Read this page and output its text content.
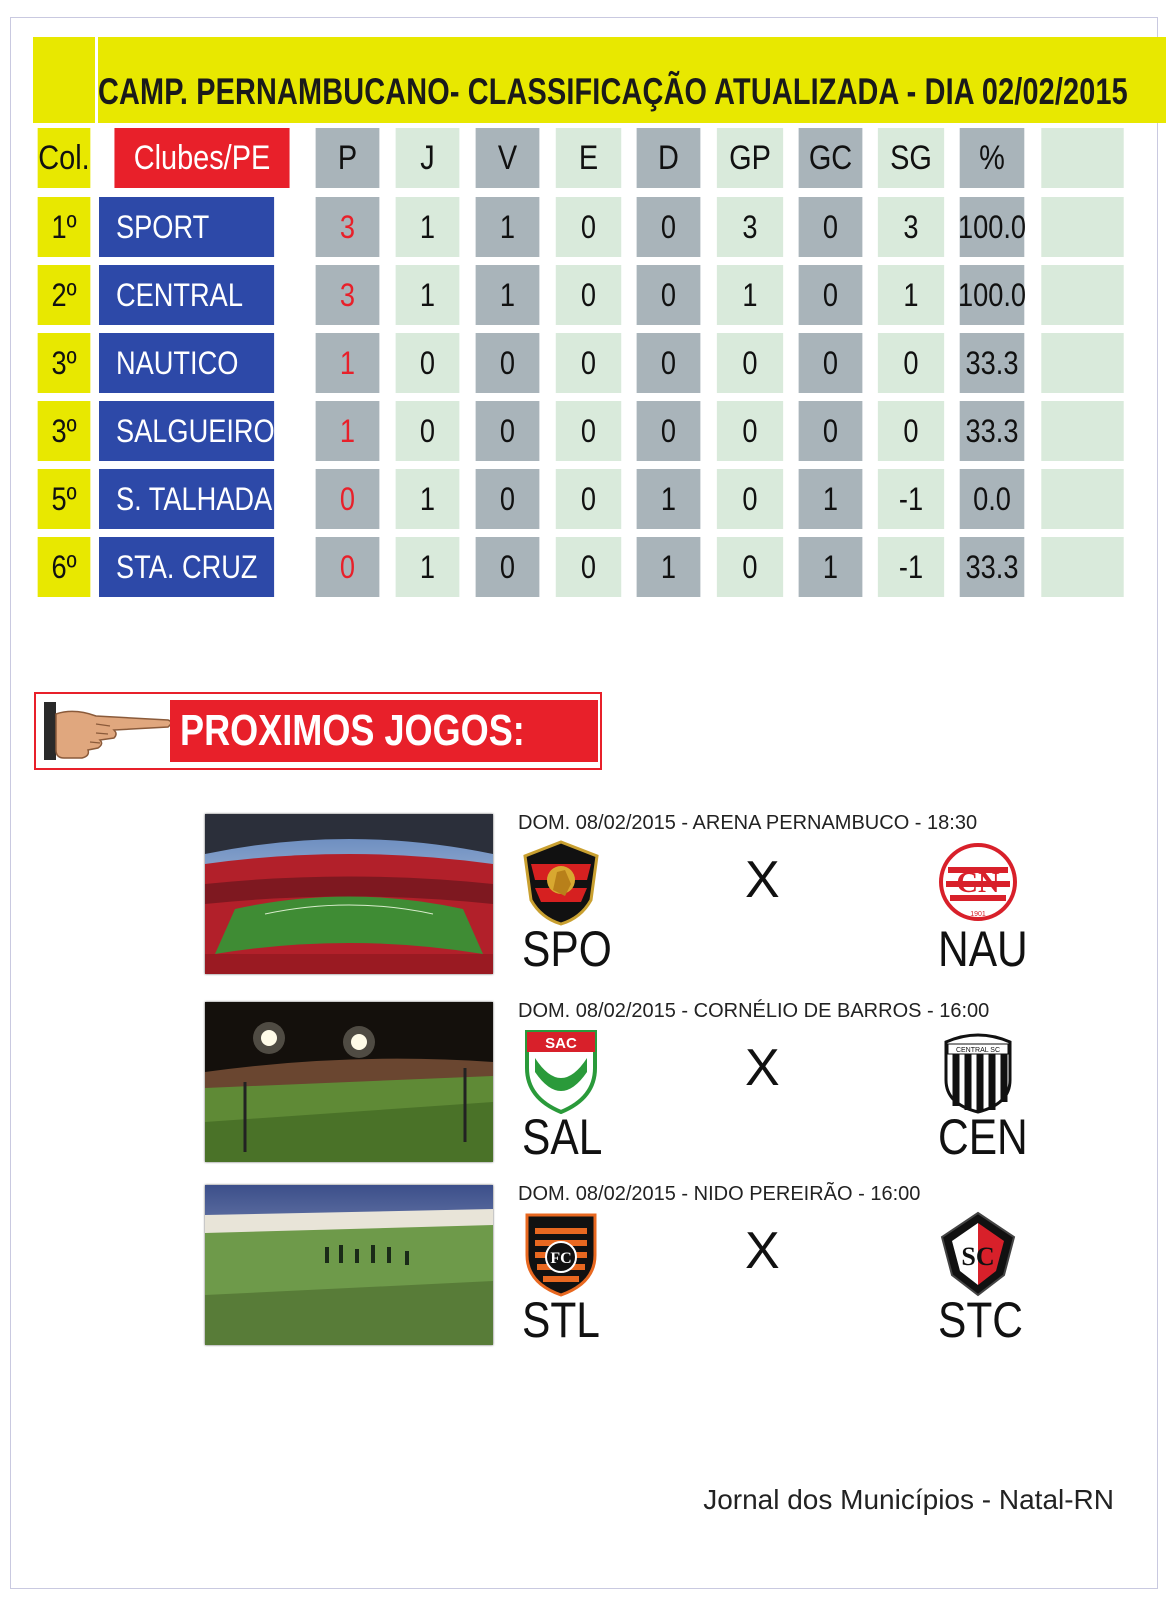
CAMP. PERNAMBUCANO- CLASSIFICAÇÃO ATUALIZADA - DIA 02/02/2015
Col. Clubes/PE P J V E D GP GC SG %
1º SPORT	3 1 1 0 0 3 0 3 100.0
2º CENTRAL	3 1 1 0 0 1 0 1 100.0
3º NAUTICO	1 0 0 0 0 0 0 0 33.3
3º SALGUEIRO 1 0 0 0 0 0 0 0 33.3
5º S. TALHADA 0 1 0 0 1 0 1 -1 0.0
6º STA. CRUZ	0 1 0 0 1 0 1 -1 33.3
PROXIMOS JOGOS:
DOM. 08/02/2015 - ARENA PERNAMBUCO - 18:30
X	CN
1901
SPO	NAU
DOM. 08/02/2015 - CORNÉLIO DE BARROS - 16:00
SAC	X	CENTRAL SC
SAL	CEN
DOM. 08/02/2015 - NIDO PEREIRÃO - 16:00
FC	X	SC
STL	STC
Jornal dos Municípios - Natal-RN
